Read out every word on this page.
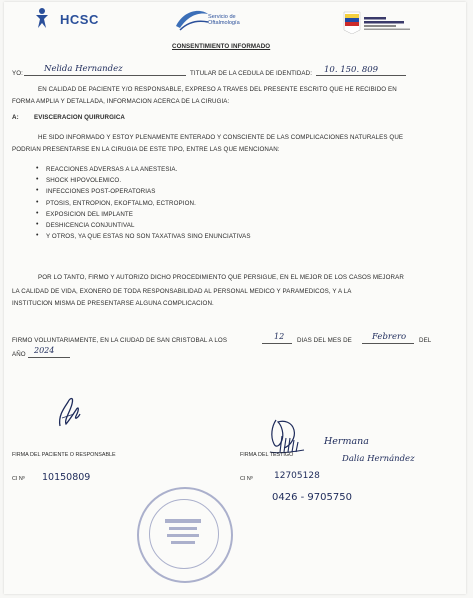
HCSC	Servicio de
Oftalmología
CONSENTIMIENTO INFORMADO
YO: Nelida Hernandez	TITULAR DE LA CEDULA DE IDENTIDAD: 10. 150. 809
EN CALIDAD DE PACIENTE Y/O RESPONSABLE, EXPRESO A TRAVES DEL PRESENTE ESCRITO QUE HE RECIBIDO EN
FORMA AMPLIA Y DETALLADA, INFORMACION ACERCA DE LA CIRUGIA:
A: EVISCERACION QUIRURGICA
HE SIDO INFORMADO Y ESTOY PLENAMENTE ENTERADO Y CONSCIENTE DE LAS COMPLICACIONES NATURALES QUE
PODRIAN PRESENTARSE EN LA CIRUGIA DE ESTE TIPO, ENTRE LAS QUE MENCIONAN:
• REACCIONES ADVERSAS A LA ANESTESIA.
• SHOCK HIPOVOLEMICO.
• INFECCIONES POST-OPERATORIAS
• PTOSIS, ENTROPION, EKOFTALMO, ECTROPION.
• EXPOSICION DEL IMPLANTE
• DESHICENCIA CONJUNTIVAL
• Y OTROS, YA QUE ESTAS NO SON TAXATIVAS SINO ENUNCIATIVAS
POR LO TANTO, FIRMO Y AUTORIZO DICHO PROCEDIMIENTO QUE PERSIGUE, EN EL MEJOR DE LOS CASOS MEJORAR
LA CALIDAD DE VIDA, EXONERO DE TODA RESPONSABILIDAD AL PERSONAL MEDICO Y PARAMEDICOS, Y A LA
INSTITUCION MISMA DE PRESENTARSE ALGUNA COMPLICACION.
FIRMO VOLUNTARIAMENTE, EN LA CIUDAD DE SAN CRISTOBAL A LOS	12 DIAS DEL MES DE Febrero DEL
AÑO 2024
FIRMA DEL PACIENTE O RESPONSABLE
CI Nº 10150809
FIRMA DEL TESTIGO
Hermana
Dalia Hernández
CI Nº 12705128
0426 - 9705750
